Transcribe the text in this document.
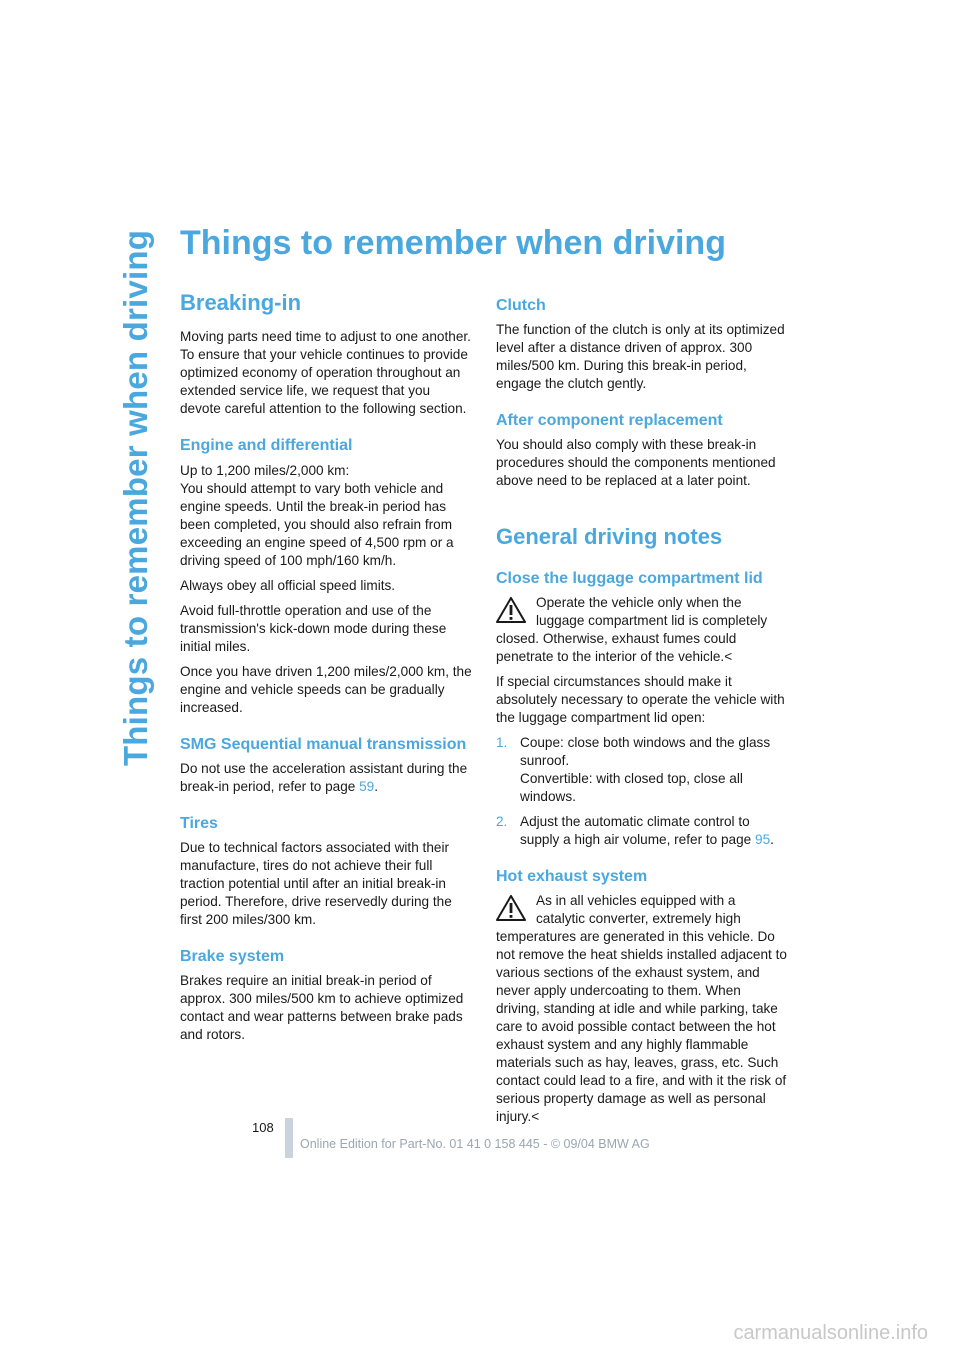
Things to remember when driving Things to remember when driving
Breaking-in

Moving parts need time to adjust to one another. To ensure that your vehicle continues to provide optimized economy of operation throughout an extended service life, we request that you devote careful attention to the following section.

Engine and differential

Up to 1,200 miles/2,000 km:

You should attempt to vary both vehicle and engine speeds. Until the break-in period has been completed, you should also refrain from exceeding an engine speed of 4,500 rpm or a driving speed of 100 mph/160 km/h.

Always obey all official speed limits.

Avoid full-throttle operation and use of the transmission's kick-down mode during these initial miles.

Once you have driven 1,200 miles/2,000 km, the engine and vehicle speeds can be gradually increased.

SMG Sequential manual transmission

Do not use the acceleration assistant during the break-in period, refer to page 59.

Tires

Due to technical factors associated with their manufacture, tires do not achieve their full traction potential until after an initial break-in period. Therefore, drive reservedly during the first 200 miles/300 km.

Brake system

Brakes require an initial break-in period of approx. 300 miles/500 km to achieve optimized contact and wear patterns between brake pads and rotors.

Clutch

The function of the clutch is only at its optimized level after a distance driven of approx. 300 miles/500 km. During this break-in period, engage the clutch gently.

After component replacement

You should also comply with these break-in procedures should the components mentioned above need to be replaced at a later point.

General driving notes
Close the luggage compartment lid

Operate the vehicle only when the luggage compartment lid is completely closed. Otherwise, exhaust fumes could penetrate to the interior of the vehicle.<

If special circumstances should make it absolutely necessary to operate the vehicle with the luggage compartment lid open:

1. Coupe: close both windows and the glass sunroof.
Convertible: with closed top, close all windows.
2. Adjust the automatic climate control to supply a high air volume, refer to page 95.
Hot exhaust system

As in all vehicles equipped with a catalytic converter, extremely high temperatures are generated in this vehicle. Do not remove the heat shields installed adjacent to various sections of the exhaust system, and never apply undercoating to them. When driving, standing at idle and while parking, take care to avoid possible contact between the hot exhaust system and any highly flammable materials such as hay, leaves, grass, etc. Such contact could lead to a fire, and with it the risk of serious property damage as well as personal injury.<

108
Online Edition for Part-No. 01 41 0 158 445 - © 09/04 BMW AG
carmanualsonline.info
